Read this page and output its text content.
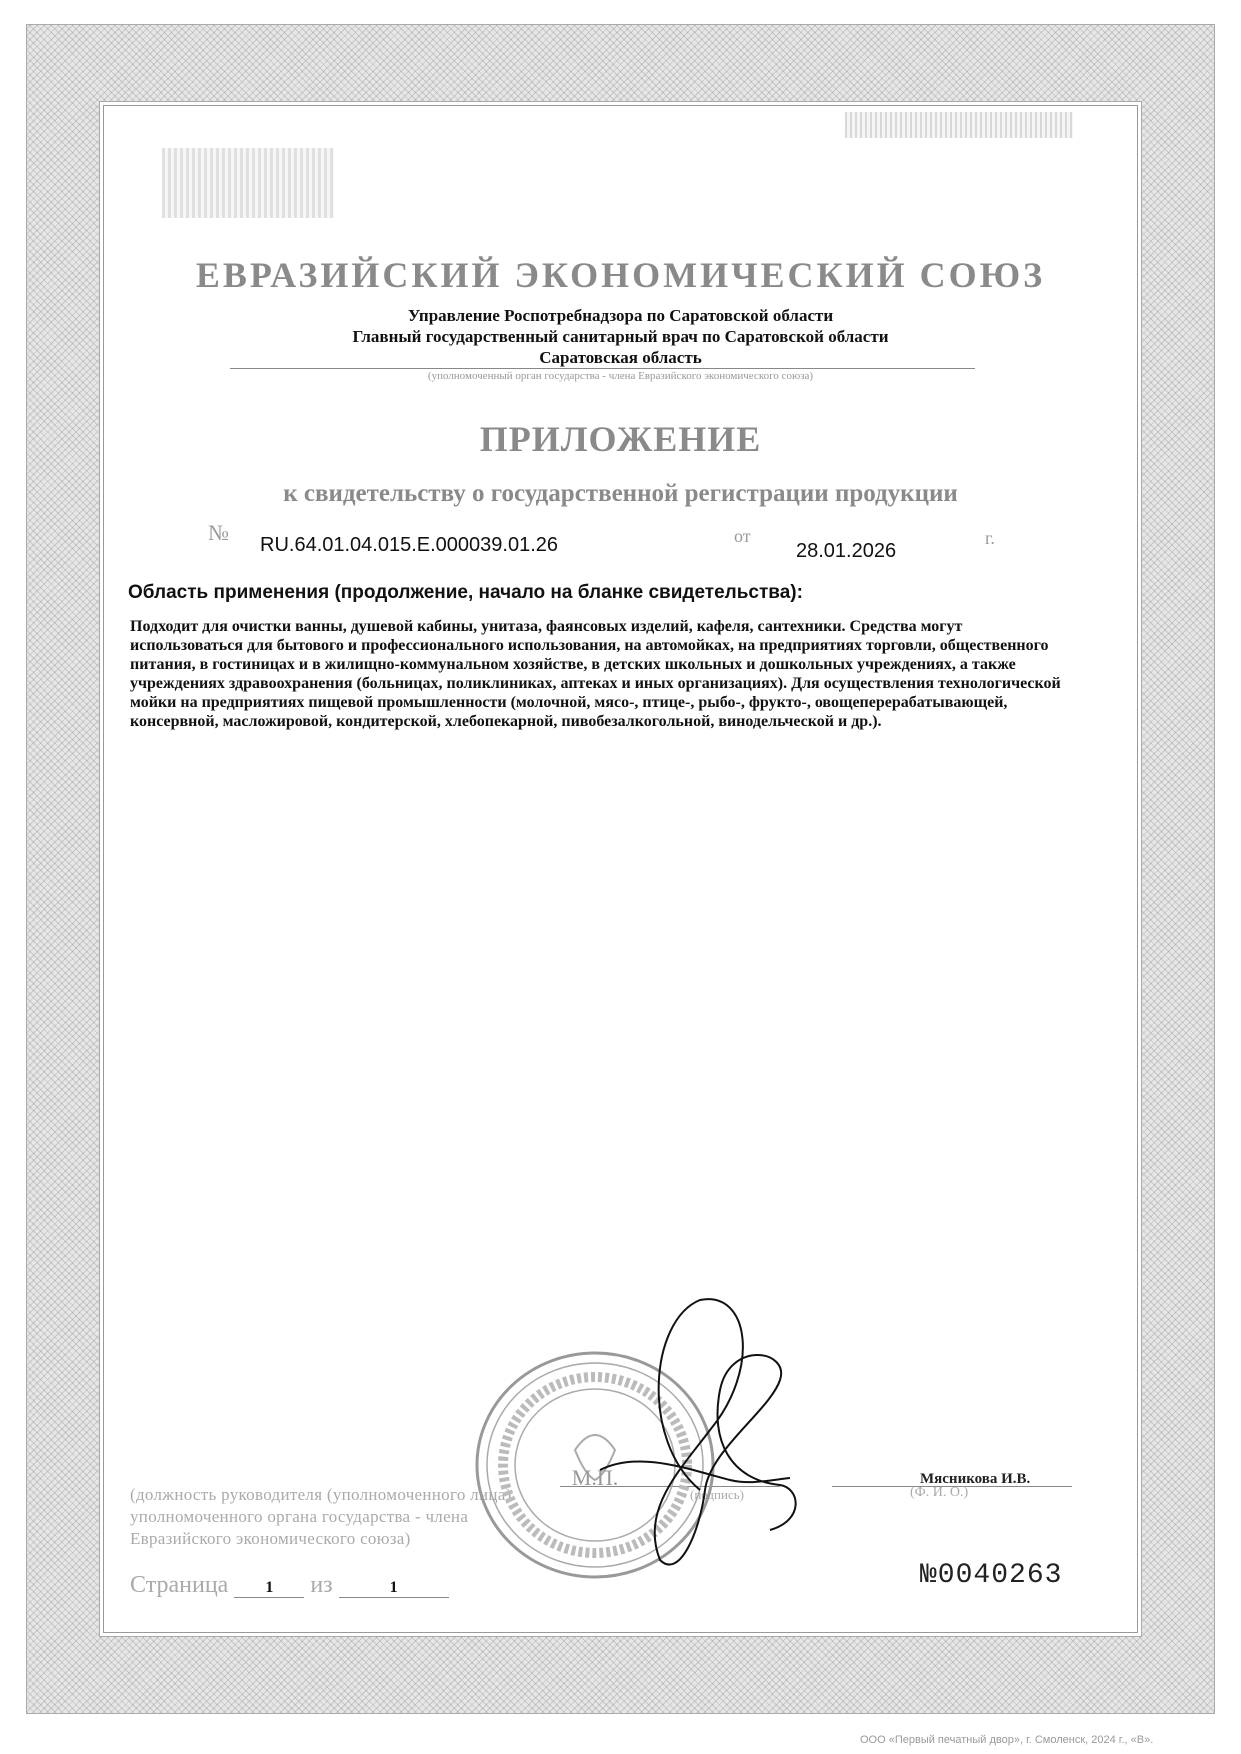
ЕВРАЗИЙСКИЙ ЭКОНОМИЧЕСКИЙ СОЮЗ
Управление Роспотребнадзора по Саратовской области
Главный государственный санитарный врач по Саратовской области
Саратовская область
(уполномоченный орган государства - члена Евразийского экономического союза)
ПРИЛОЖЕНИЕ
к свидетельству о государственной регистрации продукции
№ RU.64.01.04.015.Е.000039.01.26	от
28.01.2026
г.
Область применения (продолжение, начало на бланке свидетельства):
Подходит для очистки ванны, душевой кабины, унитаза, фаянсовых изделий, кафеля, сантехники. Средства могут использоваться для бытового и профессионального использования, на автомойках, на предприятиях торговли, общественного питания, в гостиницах и в жилищно-коммунальном хозяйстве, в детских школьных и дошкольных учреждениях, а также учреждениях здравоохранения (больницах, поликлиниках, аптеках и иных организациях). Для осуществления технологической мойки на предприятиях пищевой промышленности (молочной, мясо-, птице-, рыбо-, фрукто-, овощеперерабатывающей, консервной, масложировой, кондитерской, хлебопекарной, пивобезалкогольной, винодельческой и др.).
(должность руководителя (уполномоченного лица) уполномоченного органа государства - члена Евразийского экономического союза)
(подпись)	(Ф. И. О.)
Мясникова И.В.
Страница 1 из	1	№0040263
М.П.
ООО «Первый печатный двор», г. Смоленск, 2024 г., «В».
